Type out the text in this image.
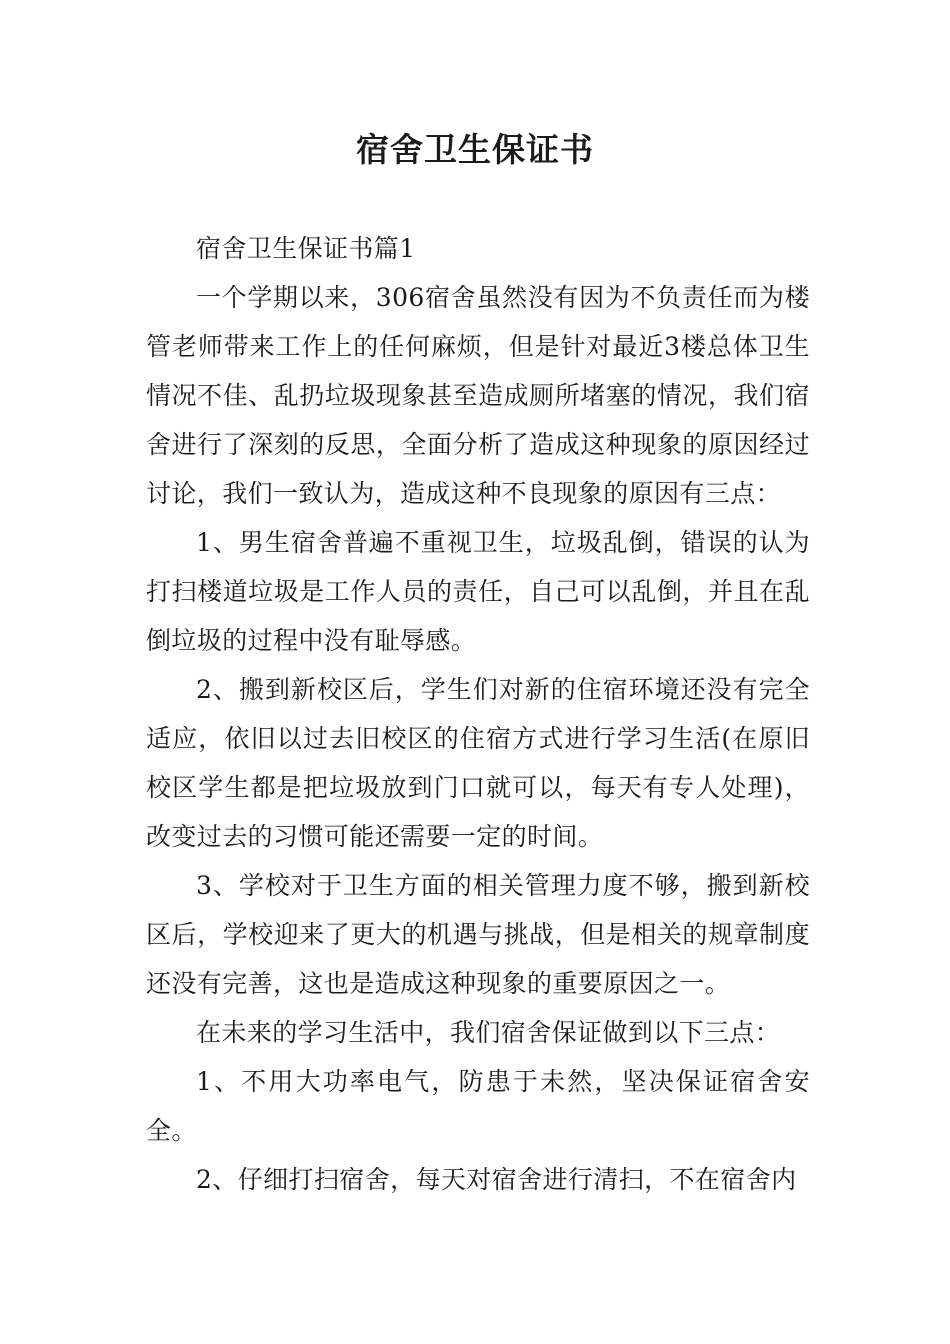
宿舍卫生保证书

宿舍卫生保证书篇1

一个学期以来，306宿舍虽然没有因为不负责任而为楼管老师带来工作上的任何麻烦，但是针对最近3楼总体卫生情况不佳、乱扔垃圾现象甚至造成厕所堵塞的情况，我们宿舍进行了深刻的反思，全面分析了造成这种现象的原因经过讨论，我们一致认为，造成这种不良现象的原因有三点：

1、男生宿舍普遍不重视卫生，垃圾乱倒，错误的认为打扫楼道垃圾是工作人员的责任，自己可以乱倒，并且在乱倒垃圾的过程中没有耻辱感。

2、搬到新校区后，学生们对新的住宿环境还没有完全适应，依旧以过去旧校区的住宿方式进行学习生活(在原旧校区学生都是把垃圾放到门口就可以，每天有专人处理)，改变过去的习惯可能还需要一定的时间。

3、学校对于卫生方面的相关管理力度不够，搬到新校区后，学校迎来了更大的机遇与挑战，但是相关的规章制度还没有完善，这也是造成这种现象的重要原因之一。

在未来的学习生活中，我们宿舍保证做到以下三点：

1、不用大功率电气，防患于未然，坚决保证宿舍安全。

2、仔细打扫宿舍，每天对宿舍进行清扫，不在宿舍内
